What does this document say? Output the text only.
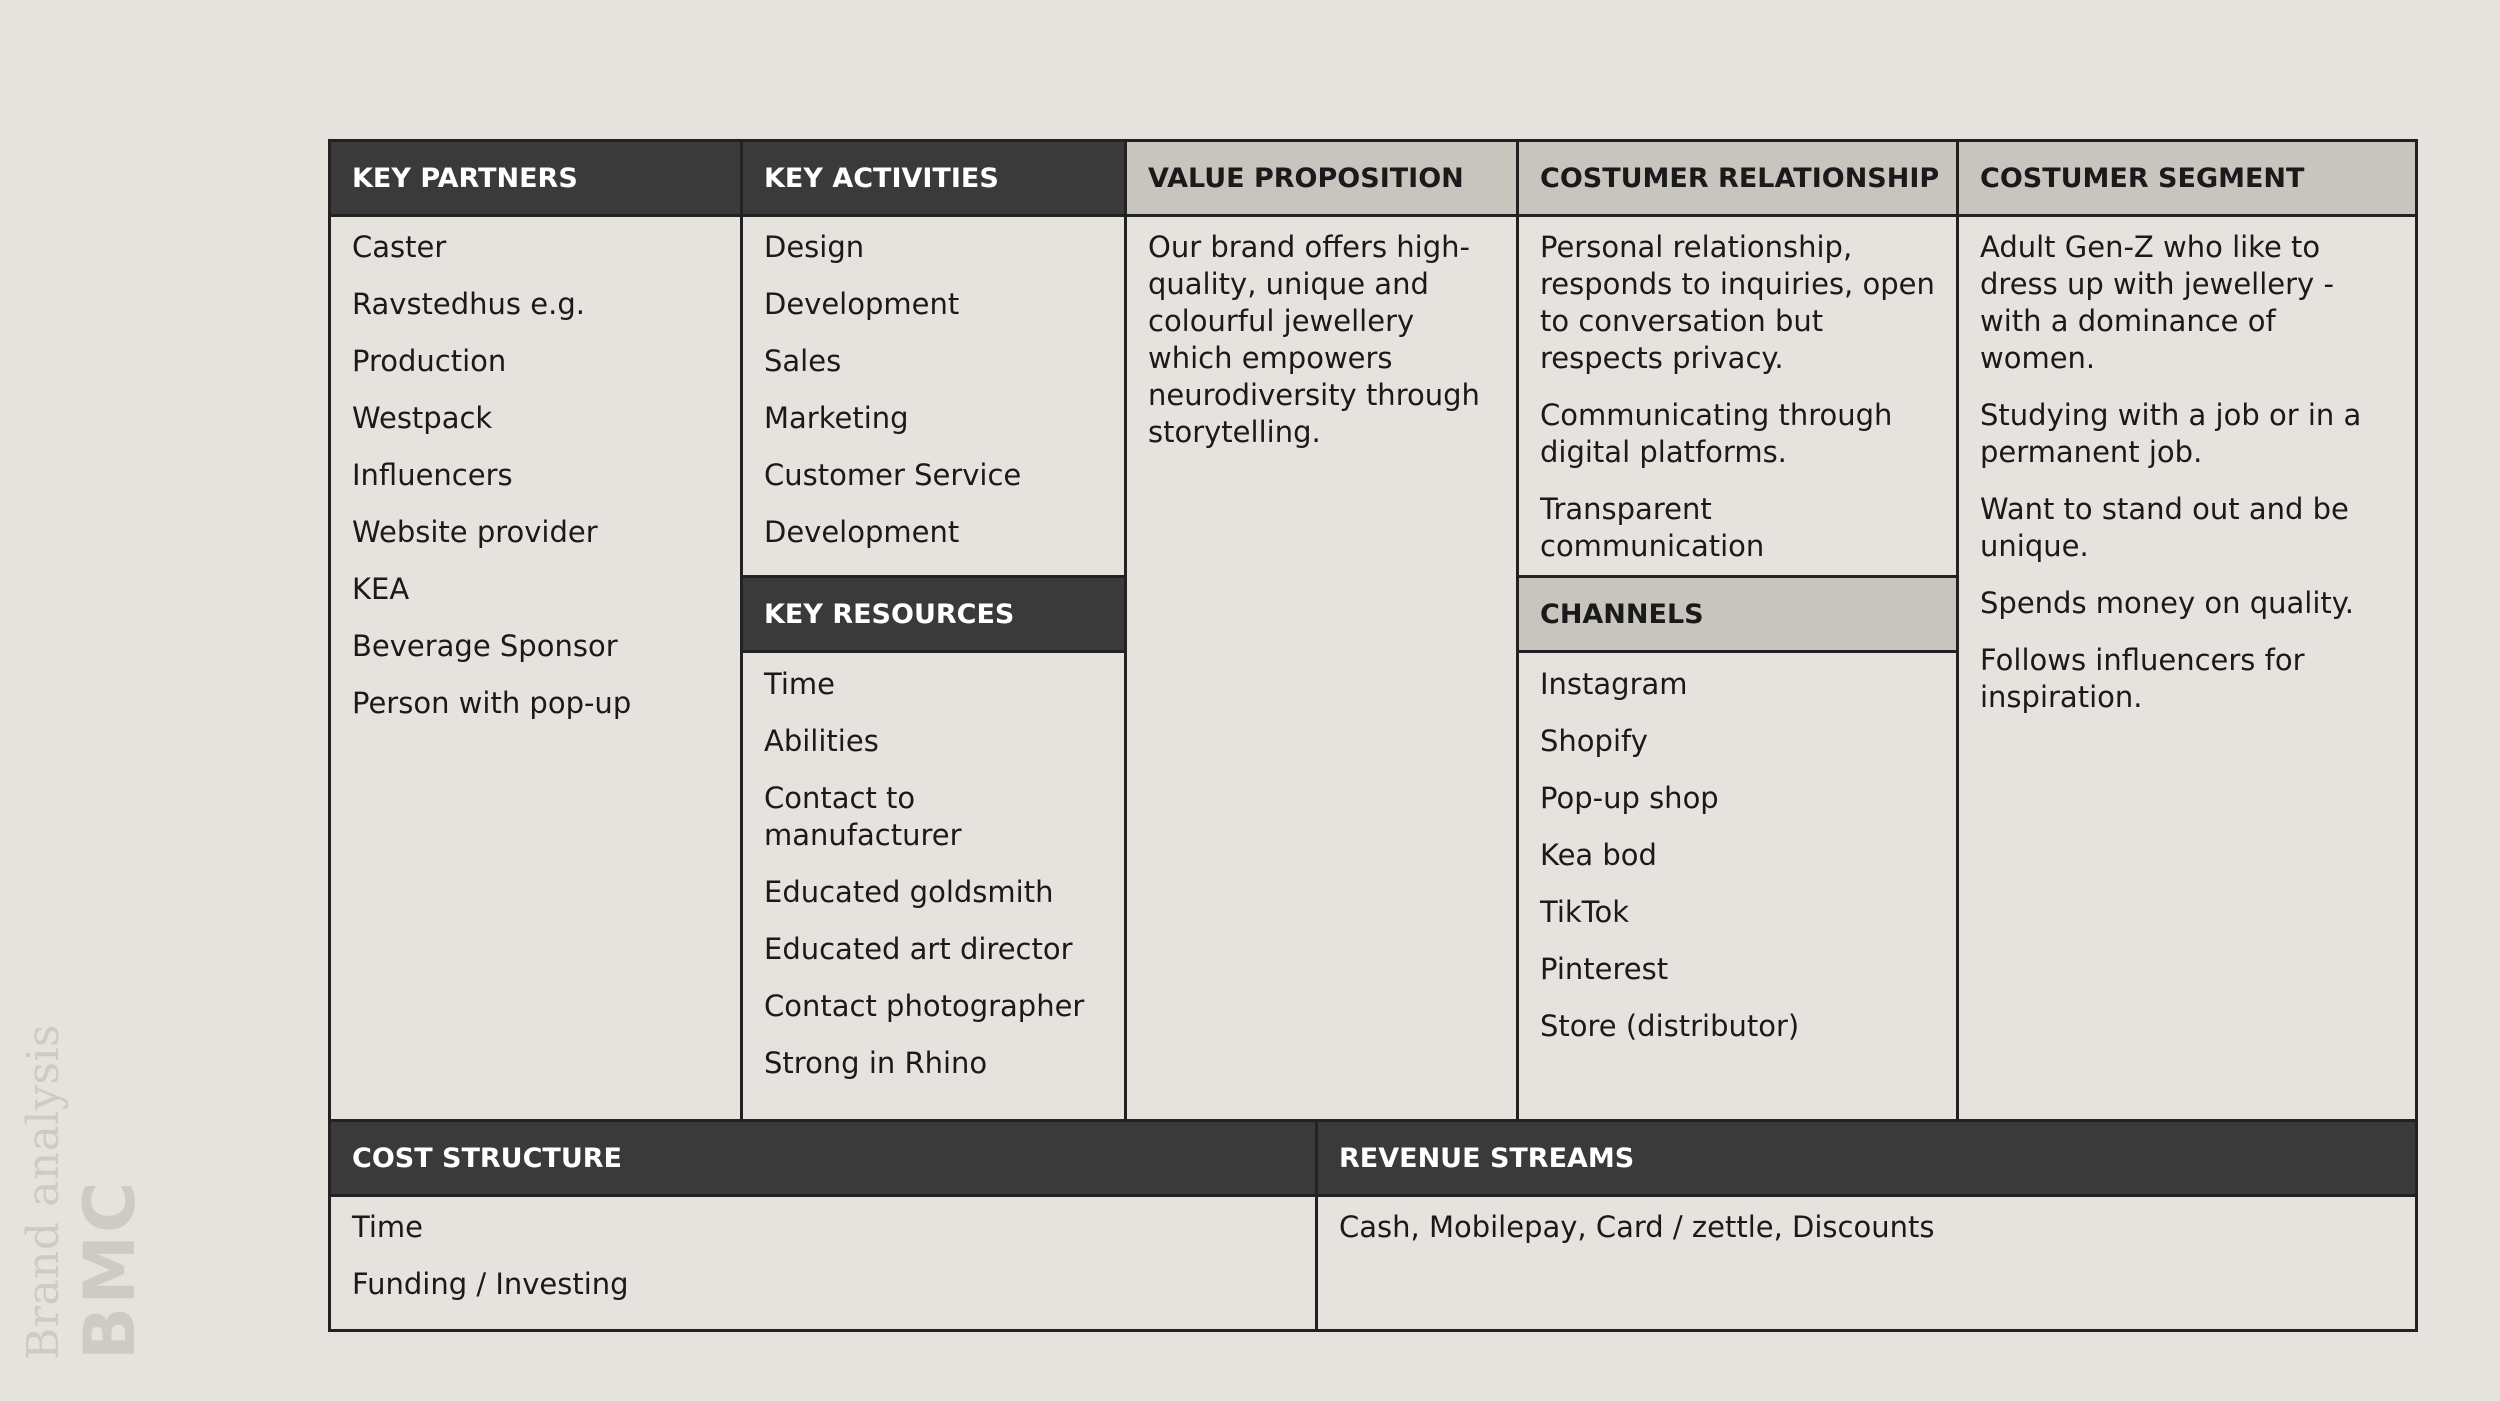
Brand analysis BMC
KEY PARTNERS
Caster
Ravstedhus e.g.
Production
Westpack
Influencers
Website provider
KEA
Beverage Sponsor
Person with pop-up
KEY ACTIVITIES
Design
Development
Sales
Marketing
Customer Service
Development
KEY RESOURCES
Time
Abilities
Contact to manufacturer
Educated goldsmith
Educated art director
Contact photographer
Strong in Rhino
VALUE PROPOSITION

Our brand offers high-quality, unique and colourful jewellery which empowers neurodiversity through storytelling.

COSTUMER RELATIONSHIP
Personal relationship, responds to inquiries, open to conversation but respects privacy.
Communicating through digital platforms.
Transparent communication
CHANNELS
Instagram
Shopify
Pop-up shop
Kea bod
TikTok
Pinterest
Store (distributor)
COSTUMER SEGMENT
Adult Gen-Z who like to dress up with jewellery - with a dominance of women.
Studying with a job or in a permanent job.
Want to stand out and be unique.
Spends money on quality.
Follows influencers for inspiration.
COST STRUCTURE
Time
Funding / Investing
REVENUE STREAMS

Cash, Mobilepay, Card / zettle, Discounts
